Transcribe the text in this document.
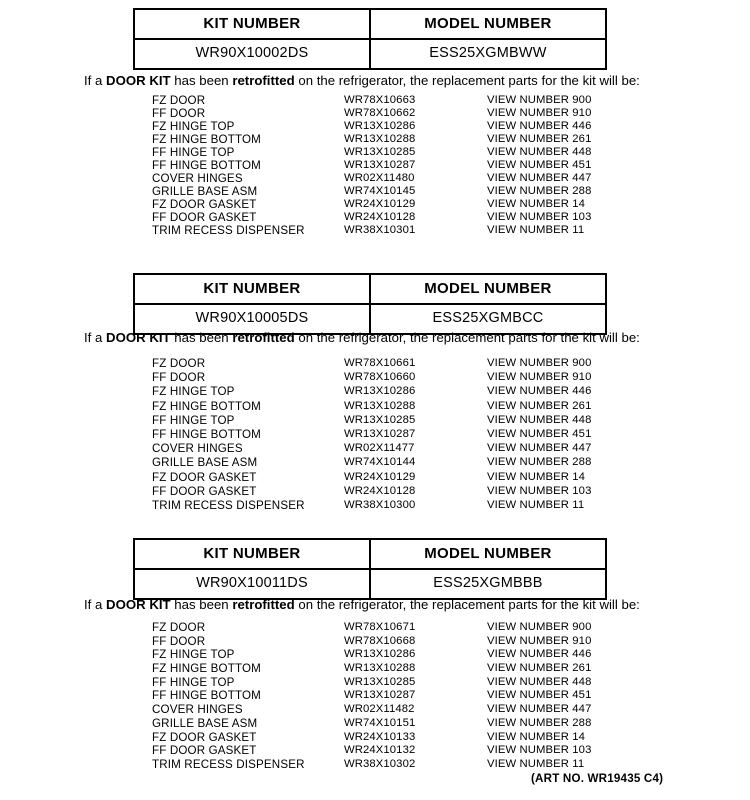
KIT NUMBER	MODEL NUMBER
WR90X10002DS	ESS25XGMBWW
If a DOOR KIT has been retrofitted on the refrigerator, the replacement parts for the kit will be:
FZ DOOR	WR78X10663	VIEW NUMBER 900
FF DOOR	WR78X10662	VIEW NUMBER 910
FZ HINGE TOP	WR13X10286	VIEW NUMBER 446
FZ HINGE BOTTOM	WR13X10288	VIEW NUMBER 261
FF HINGE TOP	WR13X10285	VIEW NUMBER 448
FF HINGE BOTTOM	WR13X10287	VIEW NUMBER 451
COVER HINGES	WR02X11480	VIEW NUMBER 447
GRILLE BASE ASM	WR74X10145	VIEW NUMBER 288
FZ DOOR GASKET	WR24X10129	VIEW NUMBER 14
FF DOOR GASKET	WR24X10128	VIEW NUMBER 103
TRIM RECESS DISPENSER	WR38X10301	VIEW NUMBER 11
KIT NUMBER	MODEL NUMBER
WR90X10005DS	ESS25XGMBCC
If a DOOR KIT has been retrofitted on the refrigerator, the replacement parts for the kit will be:
FZ DOOR	WR78X10661	VIEW NUMBER 900
FF DOOR	WR78X10660	VIEW NUMBER 910
FZ HINGE TOP	WR13X10286	VIEW NUMBER 446
FZ HINGE BOTTOM	WR13X10288	VIEW NUMBER 261
FF HINGE TOP	WR13X10285	VIEW NUMBER 448
FF HINGE BOTTOM	WR13X10287	VIEW NUMBER 451
COVER HINGES	WR02X11477	VIEW NUMBER 447
GRILLE BASE ASM	WR74X10144	VIEW NUMBER 288
FZ DOOR GASKET	WR24X10129	VIEW NUMBER 14
FF DOOR GASKET	WR24X10128	VIEW NUMBER 103
TRIM RECESS DISPENSER	WR38X10300	VIEW NUMBER 11
KIT NUMBER	MODEL NUMBER
WR90X10011DS	ESS25XGMBBB
If a DOOR KIT has been retrofitted on the refrigerator, the replacement parts for the kit will be:
FZ DOOR	WR78X10671	VIEW NUMBER 900
FF DOOR	WR78X10668	VIEW NUMBER 910
FZ HINGE TOP	WR13X10286	VIEW NUMBER 446
FZ HINGE BOTTOM	WR13X10288	VIEW NUMBER 261
FF HINGE TOP	WR13X10285	VIEW NUMBER 448
FF HINGE BOTTOM	WR13X10287	VIEW NUMBER 451
COVER HINGES	WR02X11482	VIEW NUMBER 447
GRILLE BASE ASM	WR74X10151	VIEW NUMBER 288
FZ DOOR GASKET	WR24X10133	VIEW NUMBER 14
FF DOOR GASKET	WR24X10132	VIEW NUMBER 103
TRIM RECESS DISPENSER	WR38X10302	VIEW NUMBER 11
(ART NO. WR19435 C4)
